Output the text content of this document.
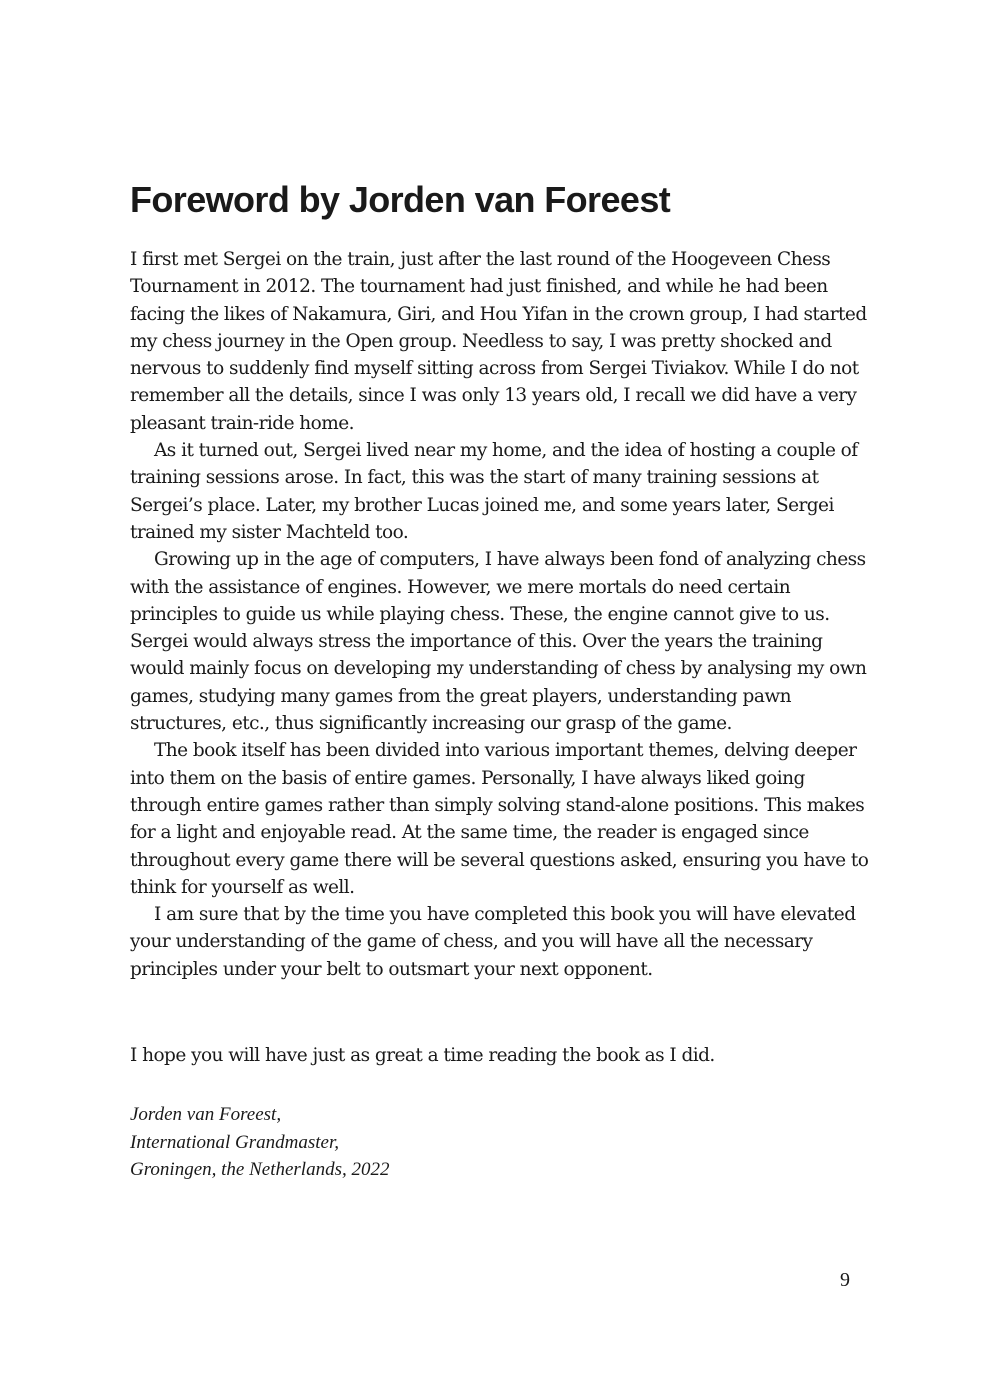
Foreword by Jorden van Foreest

I first met Sergei on the train, just after the last round of the Hoogeveen Chess Tournament in 2012. The tournament had just finished, and while he had been facing the likes of Nakamura, Giri, and Hou Yifan in the crown group, I had started my chess journey in the Open group. Needless to say, I was pretty shocked and nervous to suddenly find myself sitting across from Sergei Tiviakov. While I do not remember all the details, since I was only 13 years old, I recall we did have a very pleasant train-ride home.

As it turned out, Sergei lived near my home, and the idea of hosting a couple of training sessions arose. In fact, this was the start of many training sessions at Sergei’s place. Later, my brother Lucas joined me, and some years later, Sergei trained my sister Machteld too.

Growing up in the age of computers, I have always been fond of analyzing chess with the assistance of engines. However, we mere mortals do need certain principles to guide us while playing chess. These, the engine cannot give to us. Sergei would always stress the importance of this. Over the years the training would mainly focus on developing my understanding of chess by analysing my own games, studying many games from the great players, understanding pawn structures, etc., thus significantly increasing our grasp of the game.

The book itself has been divided into various important themes, delving deeper into them on the basis of entire games. Personally, I have always liked going through entire games rather than simply solving stand-alone positions. This makes for a light and enjoyable read. At the same time, the reader is engaged since throughout every game there will be several questions asked, ensuring you have to think for yourself as well.

I am sure that by the time you have completed this book you will have elevated your understanding of the game of chess, and you will have all the necessary principles under your belt to outsmart your next opponent.

I hope you will have just as great a time reading the book as I did.

Jorden van Foreest,
International Grandmaster,
Groningen, the Netherlands, 2022
9
